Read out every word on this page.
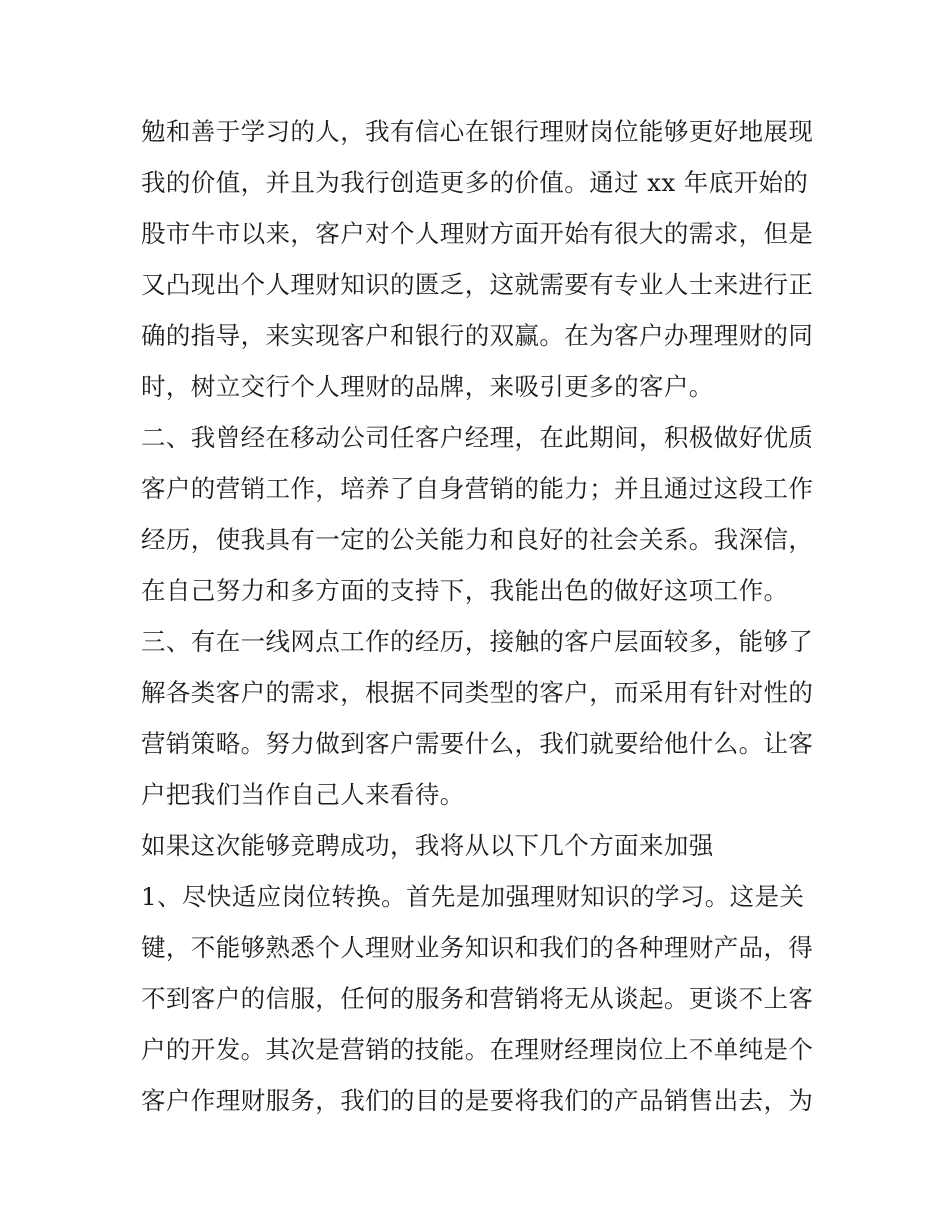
勉和善于学习的人，我有信心在银行理财岗位能够更好地展现
我的价值，并且为我行创造更多的价值。通过 xx 年底开始的
股市牛市以来，客户对个人理财方面开始有很大的需求，但是
又凸现出个人理财知识的匮乏，这就需要有专业人士来进行正
确的指导，来实现客户和银行的双赢。在为客户办理理财的同
时，树立交行个人理财的品牌，来吸引更多的客户。
二、我曾经在移动公司任客户经理，在此期间，积极做好优质
客户的营销工作，培养了自身营销的能力；并且通过这段工作
经历，使我具有一定的公关能力和良好的社会关系。我深信，
在自己努力和多方面的支持下，我能出色的做好这项工作。
三、有在一线网点工作的经历，接触的客户层面较多，能够了
解各类客户的需求，根据不同类型的客户，而采用有针对性的
营销策略。努力做到客户需要什么，我们就要给他什么。让客
户把我们当作自己人来看待。
如果这次能够竞聘成功，我将从以下几个方面来加强
1、尽快适应岗位转换。首先是加强理财知识的学习。这是关
键，不能够熟悉个人理财业务知识和我们的各种理财产品，得
不到客户的信服，任何的服务和营销将无从谈起。更谈不上客
户的开发。其次是营销的技能。在理财经理岗位上不单纯是个
客户作理财服务，我们的目的是要将我们的产品销售出去，为
